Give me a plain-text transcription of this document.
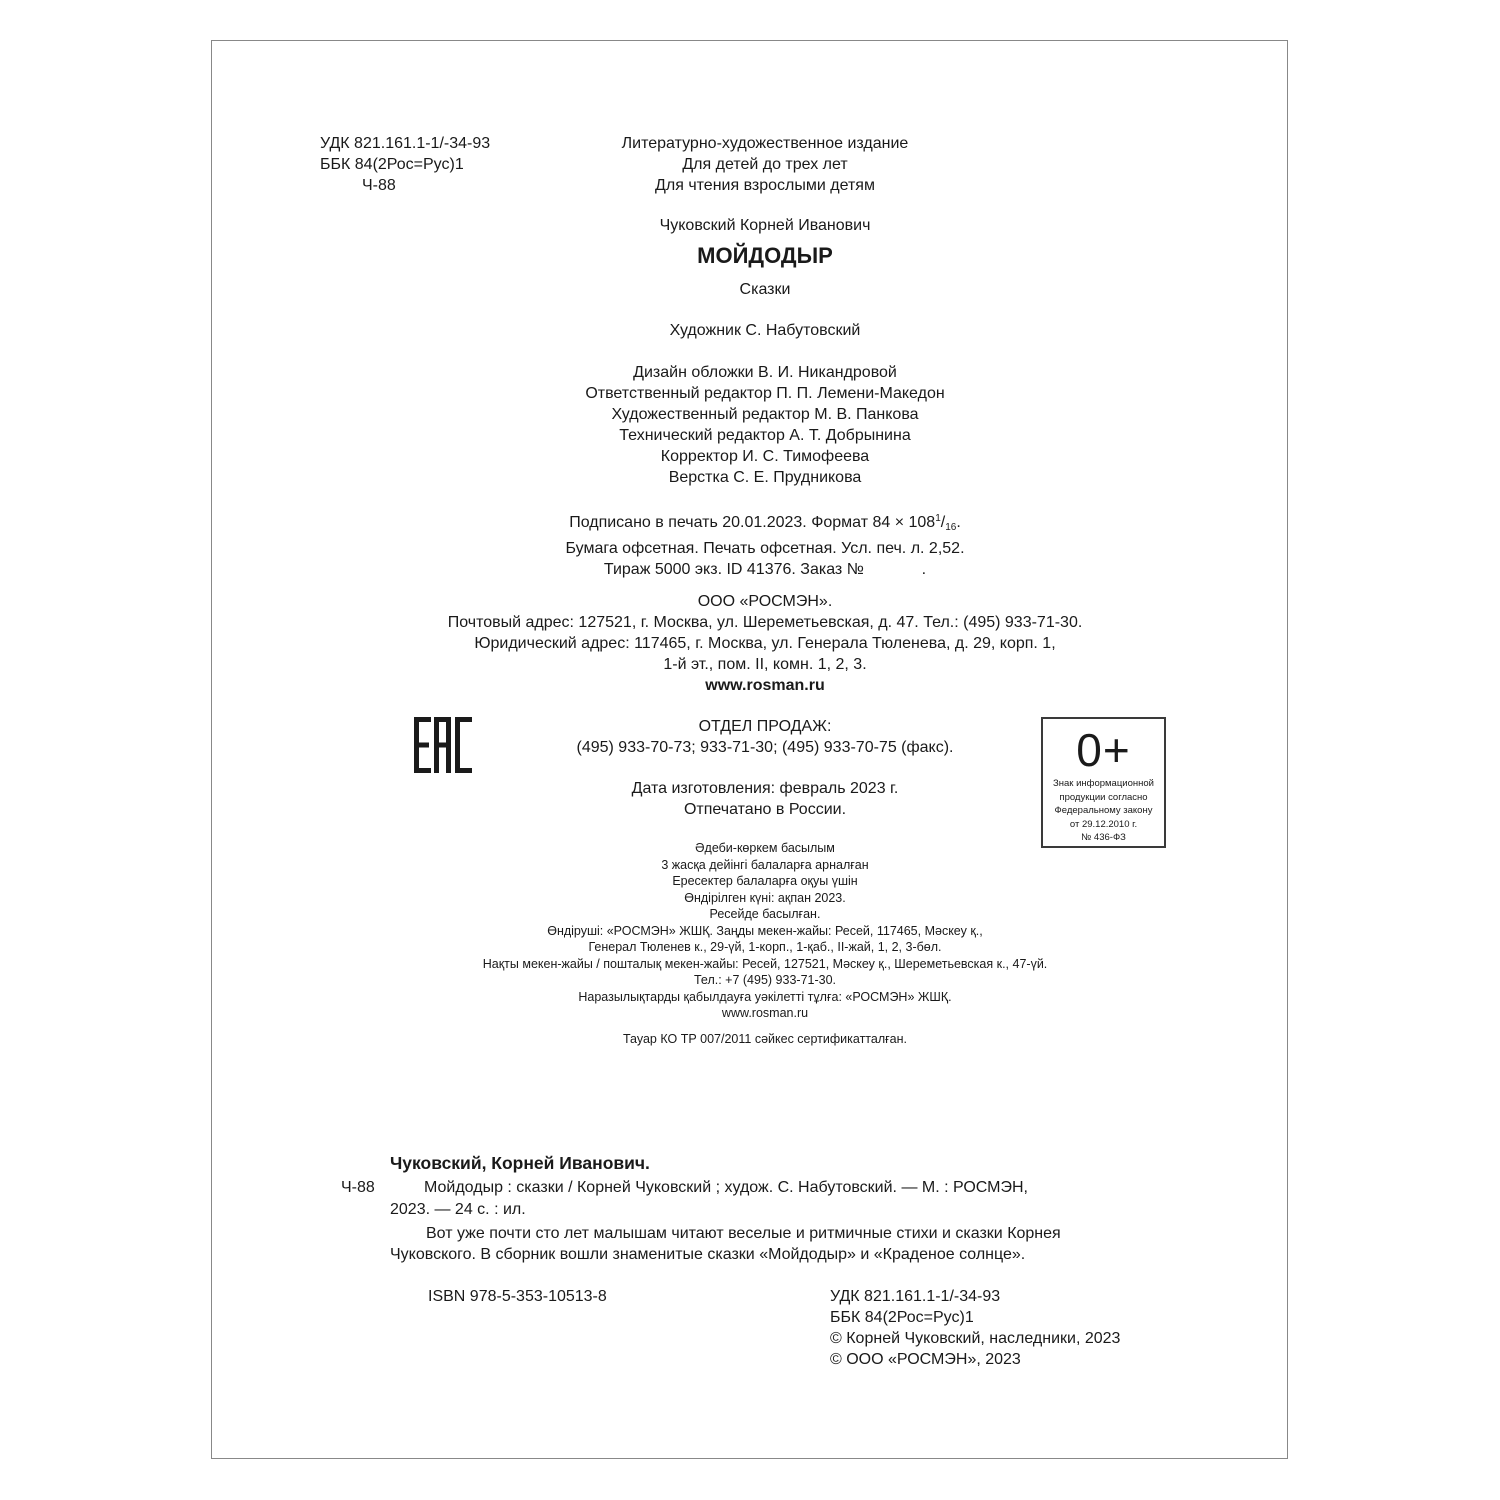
УДК 821.161.1-1/-34-93
ББК 84(2Рос=Рус)1
Ч-88
Литературно-художественное издание
Для детей до трех лет
Для чтения взрослыми детям
Чуковский Корней Иванович
МОЙДОДЫР
Сказки
Художник С. Набутовский
Дизайн обложки В. И. Никандровой
Ответственный редактор П. П. Лемени-Македон
Художественный редактор М. В. Панкова
Технический редактор А. Т. Добрынина
Корректор И. С. Тимофеева
Верстка С. Е. Прудникова
Подписано в печать 20.01.2023. Формат $84 \times 108^1/_{16}$.
Бумага офсетная. Печать офсетная. Усл. печ. л. 2,52.
Тираж 5000 экз. ID 41376. Заказ №             .
ООО «РОСМЭН».
Почтовый адрес: 127521, г. Москва, ул. Шереметьевская, д. 47. Тел.: (495) 933-71-30.
Юридический адрес: 117465, г. Москва, ул. Генерала Тюленева, д. 29, корп. 1,
1-й эт., пом. II, комн. 1, 2, 3.
www.rosman.ru
ОТДЕЛ ПРОДАЖ:
(495) 933-70-73; 933-71-30; (495) 933-70-75 (факс).
Дата изготовления: февраль 2023 г.
Отпечатано в России.
0+
Знак информационной
продукции согласно
Федеральному закону
от 29.12.2010 г.
№ 436-ФЗ
Әдеби-көркем басылым
3 жасқа дейінгі балаларға арналған
Ересектер балаларға оқуы үшін
Өндірілген күні: ақпан 2023.
Ресейде басылған.
Өндіруші: «РОСМЭН» ЖШҚ. Заңды мекен-жайы: Ресей, 117465, Мәскеу қ.,
Генерал Тюленев к., 29-үй, 1-корп., 1-қаб., II-жай, 1, 2, 3-бөл.
Нақты мекен-жайы / пошталық мекен-жайы: Ресей, 127521, Мәскеу қ., Шереметьевская к., 47-үй.
Тел.: +7 (495) 933-71-30.
Наразылықтарды қабылдауға уәкілетті тұлға: «РОСМЭН» ЖШҚ.
www.rosman.ru
Тауар КО ТР 007/2011 сәйкес сертификатталған.
Чуковский, Корней Иванович.
Ч-88	Мойдодыр : сказки / Корней Чуковский ; худож. С. Набутовский. — М. : РОСМЭН,
2023. — 24 с. : ил.
Вот уже почти сто лет малышам читают веселые и ритмичные стихи и сказки Корнея
Чуковского. В сборник вошли знаменитые сказки «Мойдодыр» и «Краденое солнце».
ISBN 978-5-353-10513-8	УДК 821.161.1-1/-34-93
ББК 84(2Рос=Рус)1
© Корней Чуковский, наследники, 2023
© ООО «РОСМЭН», 2023
